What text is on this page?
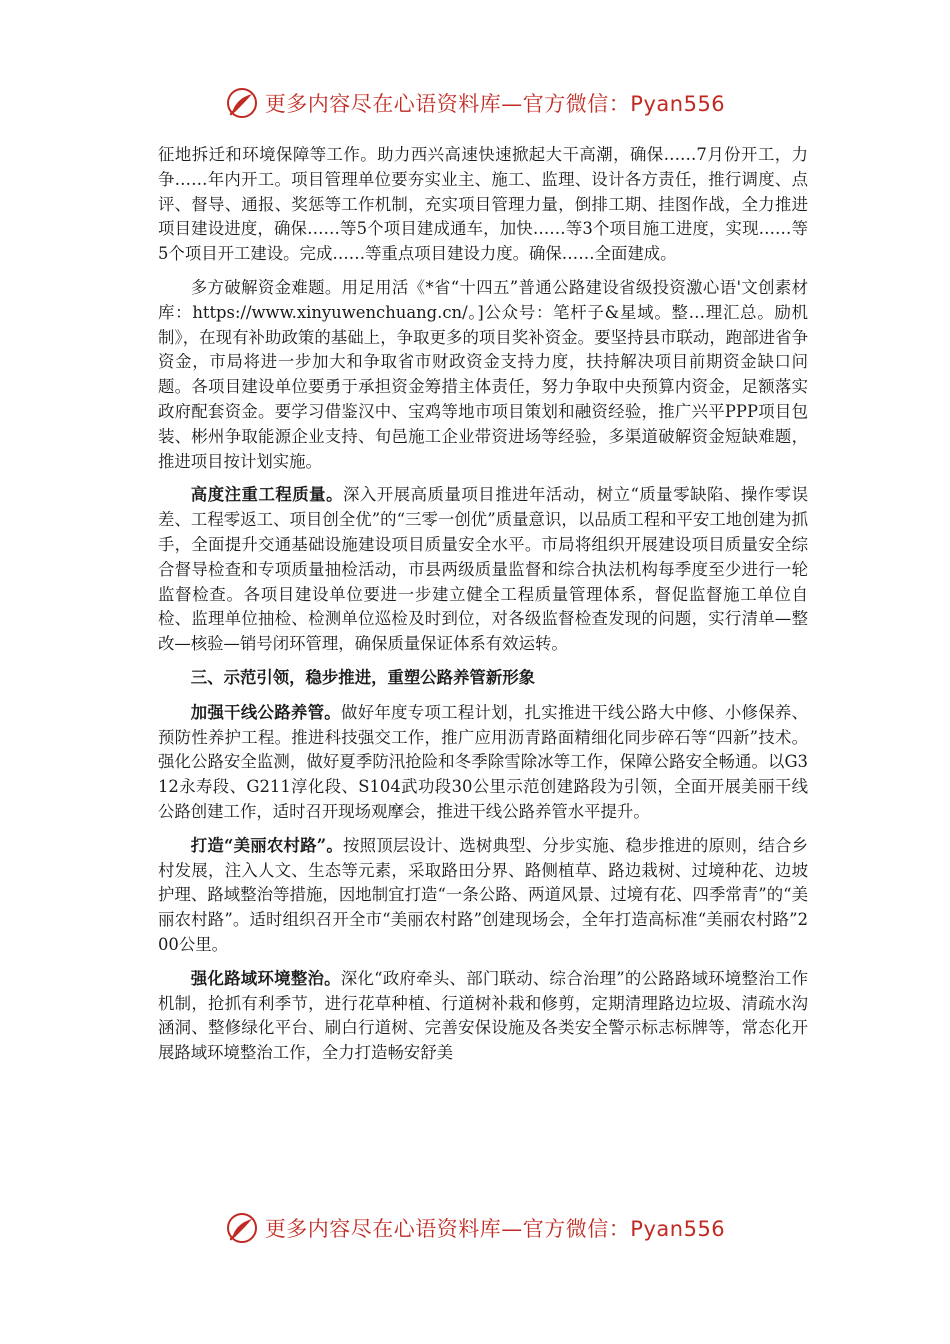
更多内容尽在心语资料库—官方微信：Pyan556

征地拆迁和环境保障等工作。助力西兴高速快速掀起大干高潮，确保……7月份开工，力争……年内开工。项目管理单位要夯实业主、施工、监理、设计各方责任，推行调度、点评、督导、通报、奖惩等工作机制，充实项目管理力量，倒排工期、挂图作战，全力推进项目建设进度，确保……等5个项目建成通车，加快……等3个项目施工进度，实现……等5个项目开工建设。完成……等重点项目建设力度。确保……全面建成。

多方破解资金难题。用足用活《*省“十四五”普通公路建设省级投资激心语'文创素材库：https://www.xinyuwenchuang.cn/。]公众号：笔杆子&星域。整…理汇总。励机制》，在现有补助政策的基础上，争取更多的项目奖补资金。要坚持县市联动，跑部进省争资金，市局将进一步加大和争取省市财政资金支持力度，扶持解决项目前期资金缺口问题。各项目建设单位要勇于承担资金筹措主体责任，努力争取中央预算内资金，足额落实政府配套资金。要学习借鉴汉中、宝鸡等地市项目策划和融资经验，推广兴平PPP项目包装、彬州争取能源企业支持、旬邑施工企业带资进场等经验，多渠道破解资金短缺难题，推进项目按计划实施。

高度注重工程质量。深入开展高质量项目推进年活动，树立“质量零缺陷、操作零误差、工程零返工、项目创全优”的“三零一创优”质量意识，以品质工程和平安工地创建为抓手，全面提升交通基础设施建设项目质量安全水平。市局将组织开展建设项目质量安全综合督导检查和专项质量抽检活动，市县两级质量监督和综合执法机构每季度至少进行一轮监督检查。各项目建设单位要进一步建立健全工程质量管理体系，督促监督施工单位自检、监理单位抽检、检测单位巡检及时到位，对各级监督检查发现的问题，实行清单—整改—核验—销号闭环管理，确保质量保证体系有效运转。

三、示范引领，稳步推进，重塑公路养管新形象

加强干线公路养管。做好年度专项工程计划，扎实推进干线公路大中修、小修保养、预防性养护工程。推进科技强交工作，推广应用沥青路面精细化同步碎石等“四新”技术。强化公路安全监测，做好夏季防汛抢险和冬季除雪除冰等工作，保障公路安全畅通。以G312永寿段、G211淳化段、S104武功段30公里示范创建路段为引领，全面开展美丽干线公路创建工作，适时召开现场观摩会，推进干线公路养管水平提升。

打造“美丽农村路”。按照顶层设计、选树典型、分步实施、稳步推进的原则，结合乡村发展，注入人文、生态等元素，采取路田分界、路侧植草、路边栽树、过境种花、边坡护理、路域整治等措施，因地制宜打造“一条公路、两道风景、过境有花、四季常青”的“美丽农村路”。适时组织召开全市“美丽农村路”创建现场会，全年打造高标准“美丽农村路”200公里。

强化路域环境整治。深化“政府牵头、部门联动、综合治理”的公路路域环境整治工作机制，抢抓有利季节，进行花草种植、行道树补栽和修剪，定期清理路边垃圾、清疏水沟涵洞、整修绿化平台、刷白行道树、完善安保设施及各类安全警示标志标牌等，常态化开展路域环境整治工作，全力打造畅安舒美

更多内容尽在心语资料库—官方微信：Pyan556
